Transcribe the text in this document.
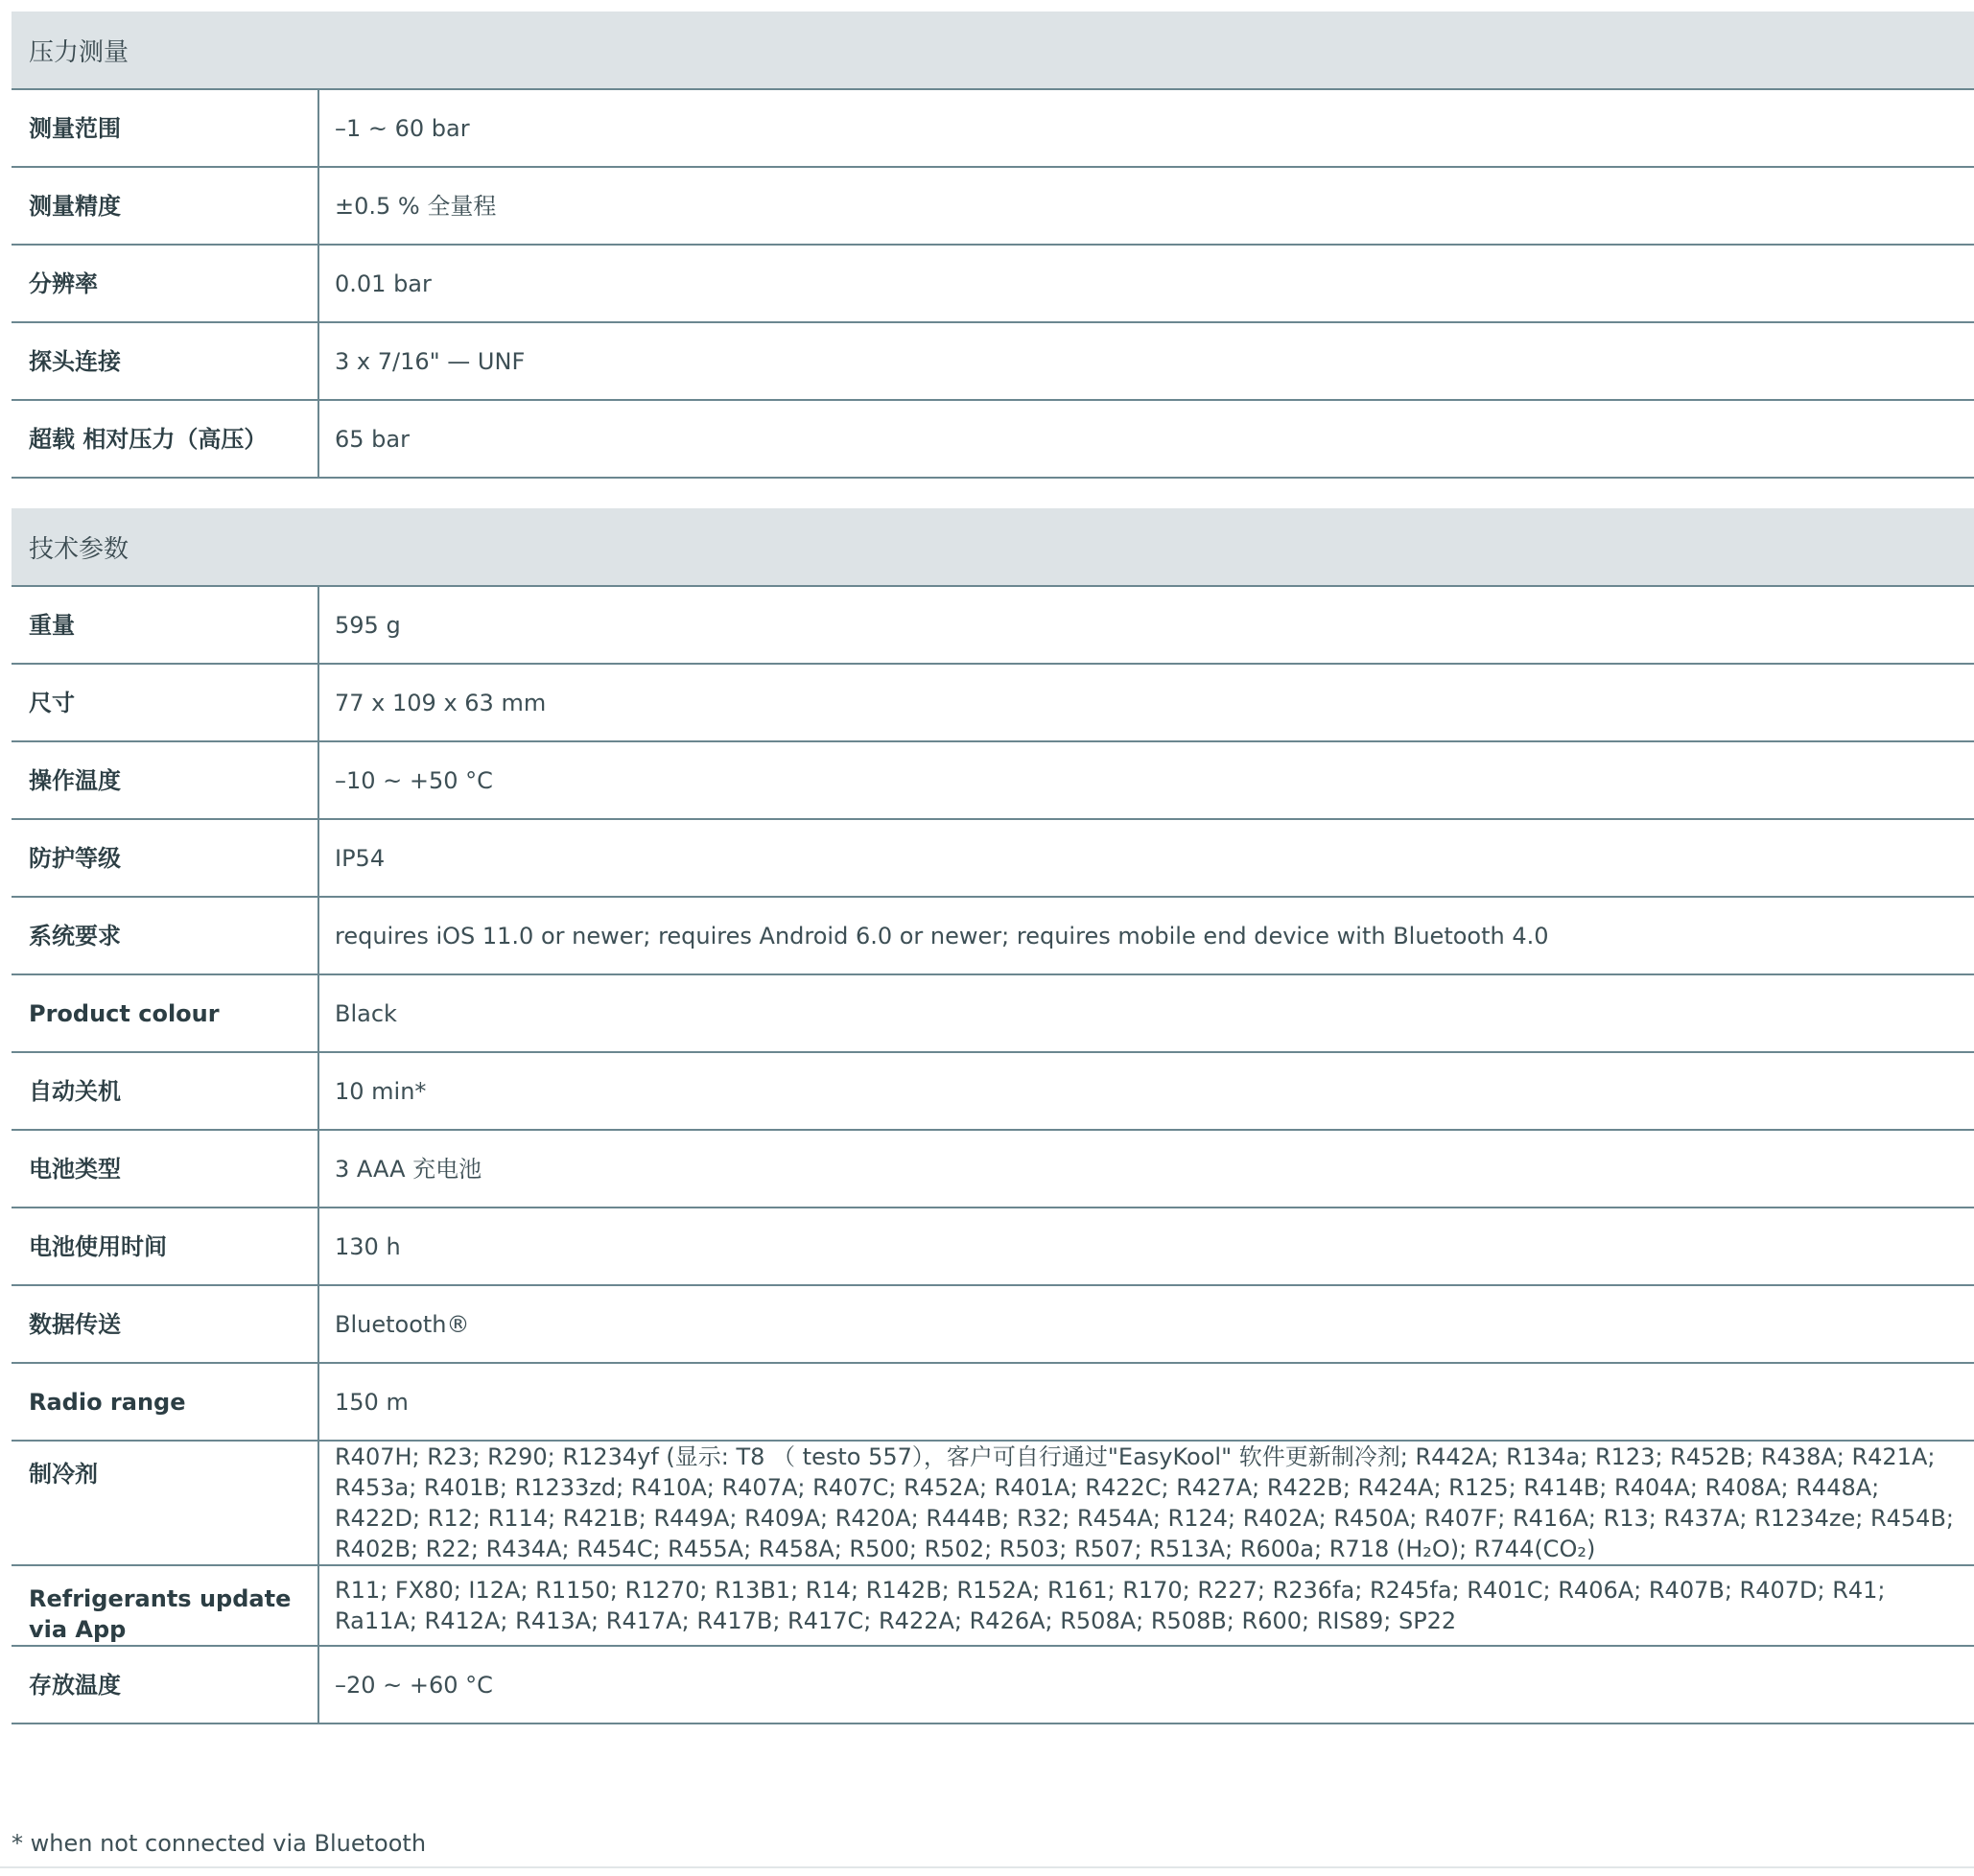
压力测量
测量范围	–1 ~ 60 bar
测量精度	±0.5 % 全量程
分辨率	0.01 bar
探头连接	3 x 7/16" — UNF
超载 相对压力（高压）	65 bar
技术参数
重量	595 g
尺寸	77 x 109 x 63 mm
操作温度	–10 ~ +50 °C
防护等级	IP54
系统要求	requires iOS 11.0 or newer; requires Android 6.0 or newer; requires mobile end device with Bluetooth 4.0
Product colour	Black
自动关机	10 min*
电池类型	3 AAA 充电池
电池使用时间	130 h
数据传送	Bluetooth®
Radio range	150 m
制冷剂	R407H; R23; R290; R1234yf (显示: T8 （ testo 557），客户可自行通过"EasyKool" 软件更新制冷剂; R442A; R134a; R123; R452B; R438A; R421A; R453a; R401B; R1233zd; R410A; R407A; R407C; R452A; R401A; R422C; R427A; R422B; R424A; R125; R414B; R404A; R408A; R448A; R422D; R12; R114; R421B; R449A; R409A; R420A; R444B; R32; R454A; R124; R402A; R450A; R407F; R416A; R13; R437A; R1234ze; R454B; R402B; R22; R434A; R454C; R455A; R458A; R500; R502; R503; R507; R513A; R600a; R718 (H₂O); R744(CO₂)
Refrigerants update via App	R11; FX80; I12A; R1150; R1270; R13B1; R14; R142B; R152A; R161; R170; R227; R236fa; R245fa; R401C; R406A; R407B; R407D; R41; Ra11A; R412A; R413A; R417A; R417B; R417C; R422A; R426A; R508A; R508B; R600; RIS89; SP22
存放温度	–20 ~ +60 °C
* when not connected via Bluetooth
